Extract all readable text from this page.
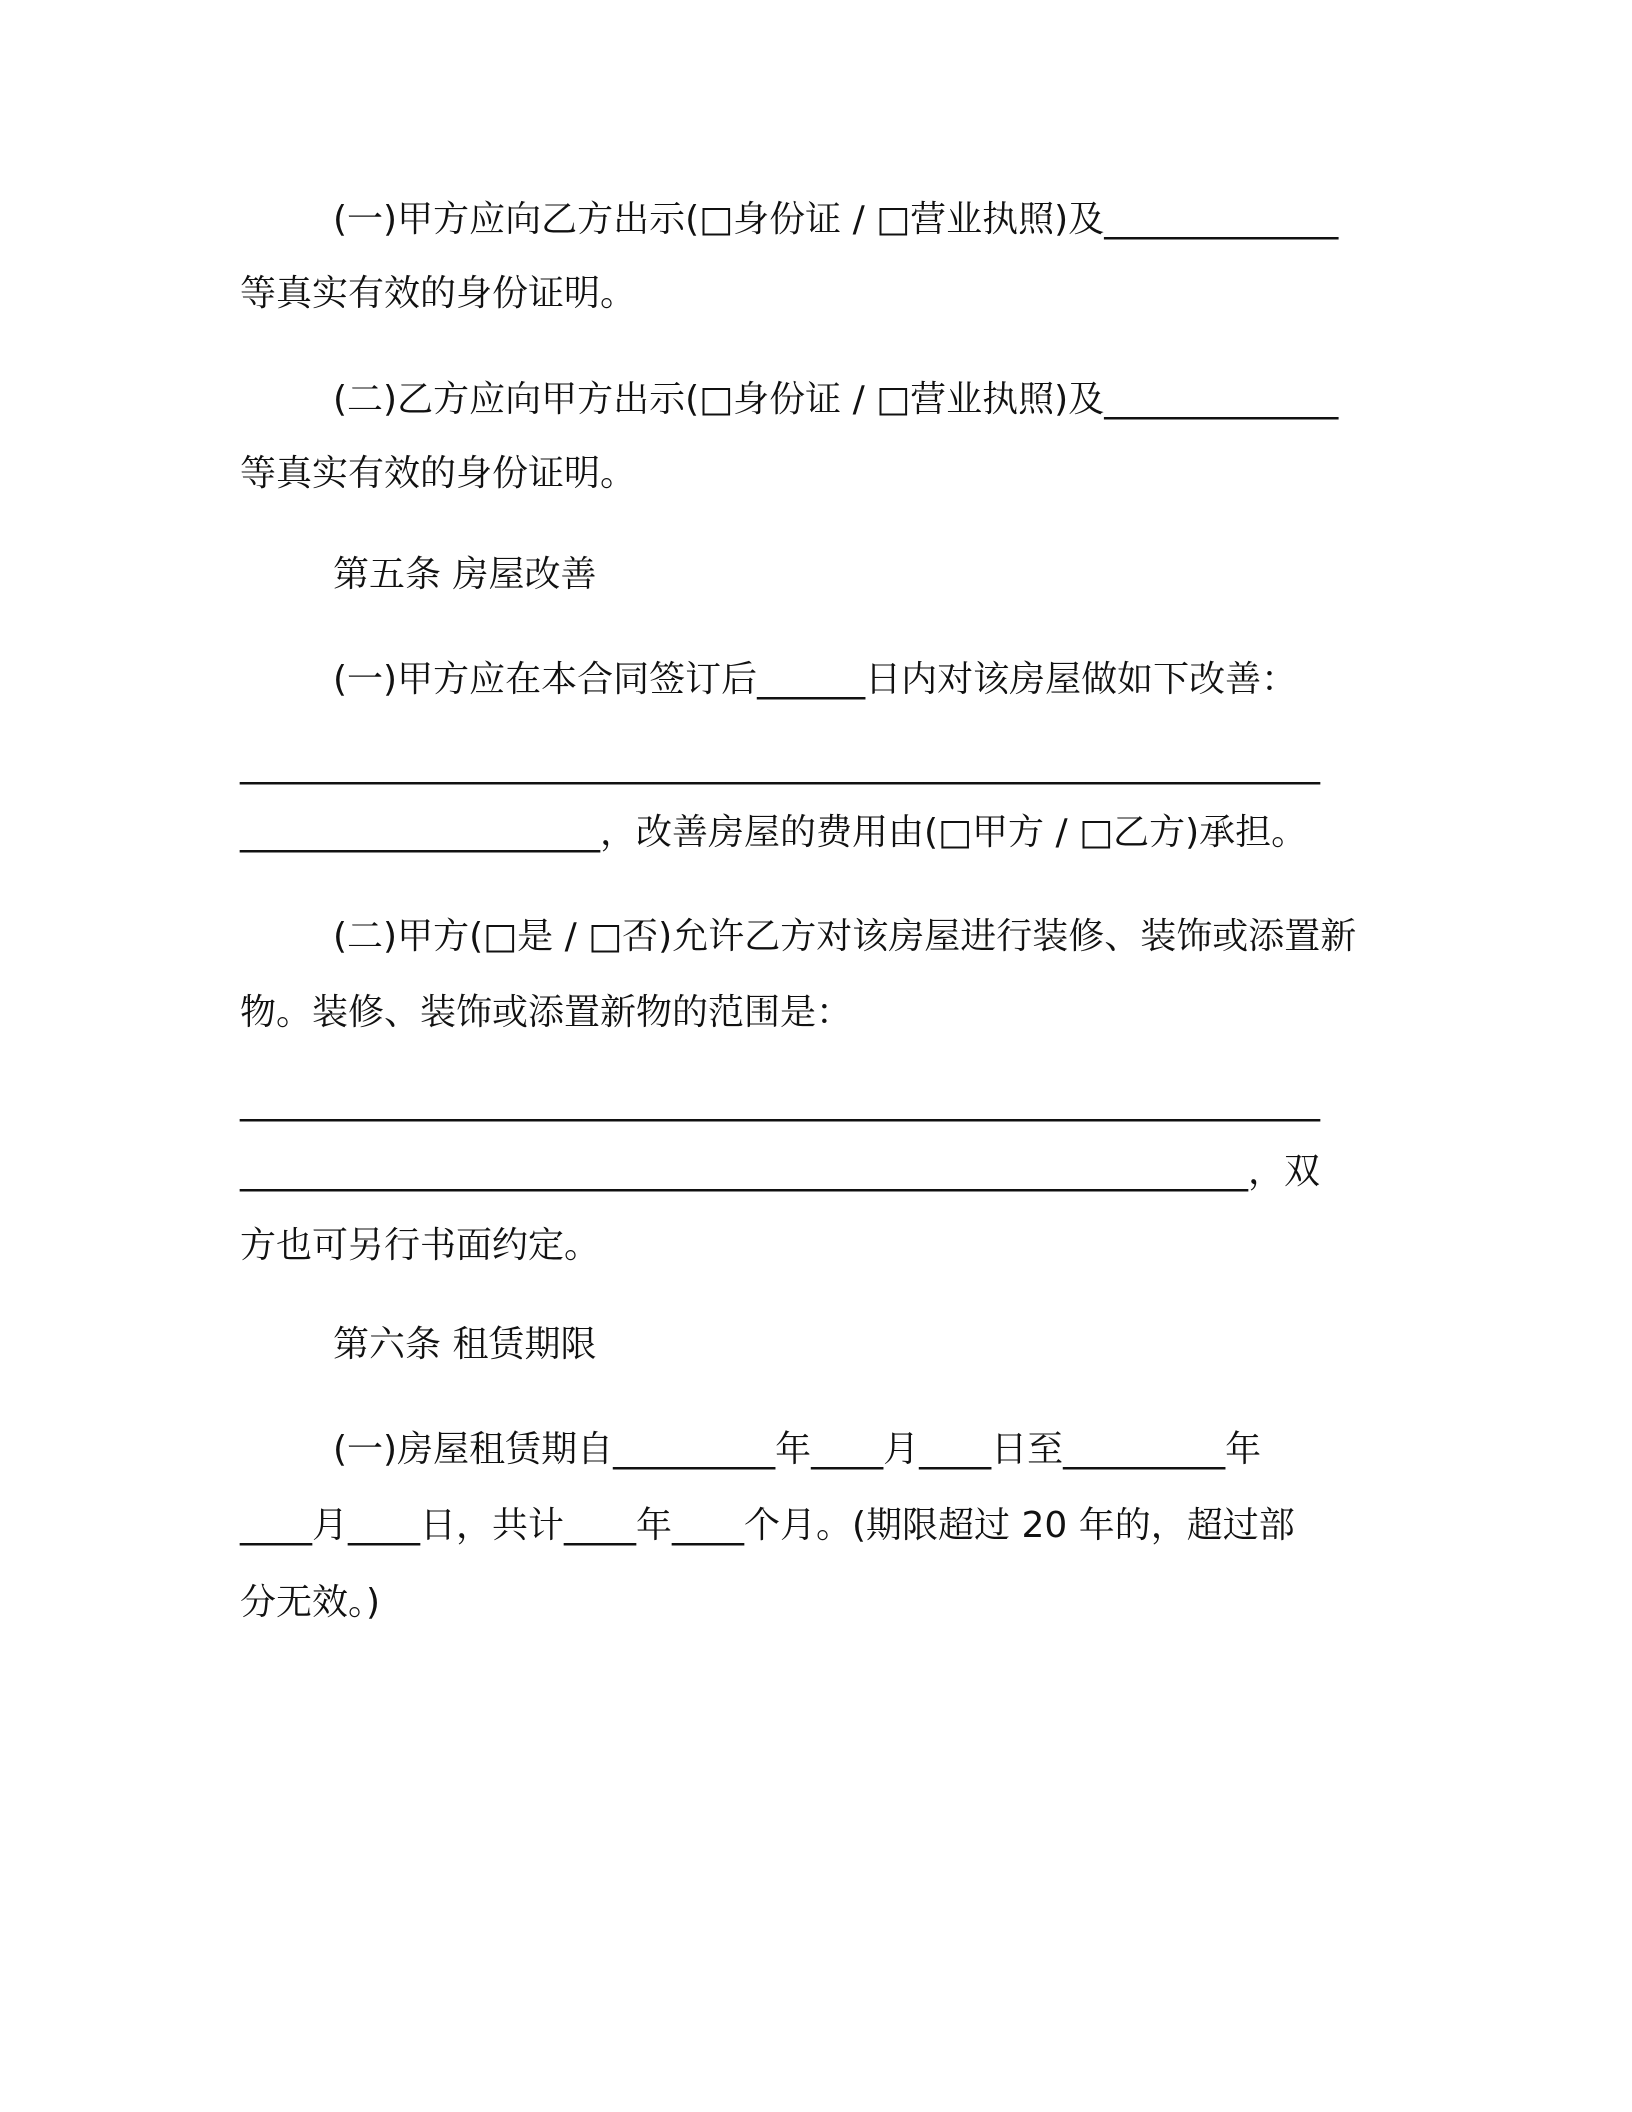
(一)甲方应向乙方出示(□身份证 / □营业执照)及_____________
等真实有效的身份证明。
(二)乙方应向甲方出示(□身份证 / □营业执照)及_____________
等真实有效的身份证明。
第五条 房屋改善
(一)甲方应在本合同签订后______日内对该房屋做如下改善：
____________________________________________________________
____________________，改善房屋的费用由(□甲方 / □乙方)承担。
(二)甲方(□是 / □否)允许乙方对该房屋进行装修、装饰或添置新
物。装修、装饰或添置新物的范围是：
____________________________________________________________
________________________________________________________，双
方也可另行书面约定。
第六条 租赁期限
(一)房屋租赁期自_________年____月____日至_________年
____月____日，共计____年____个月。(期限超过 20 年的，超过部
分无效。)
